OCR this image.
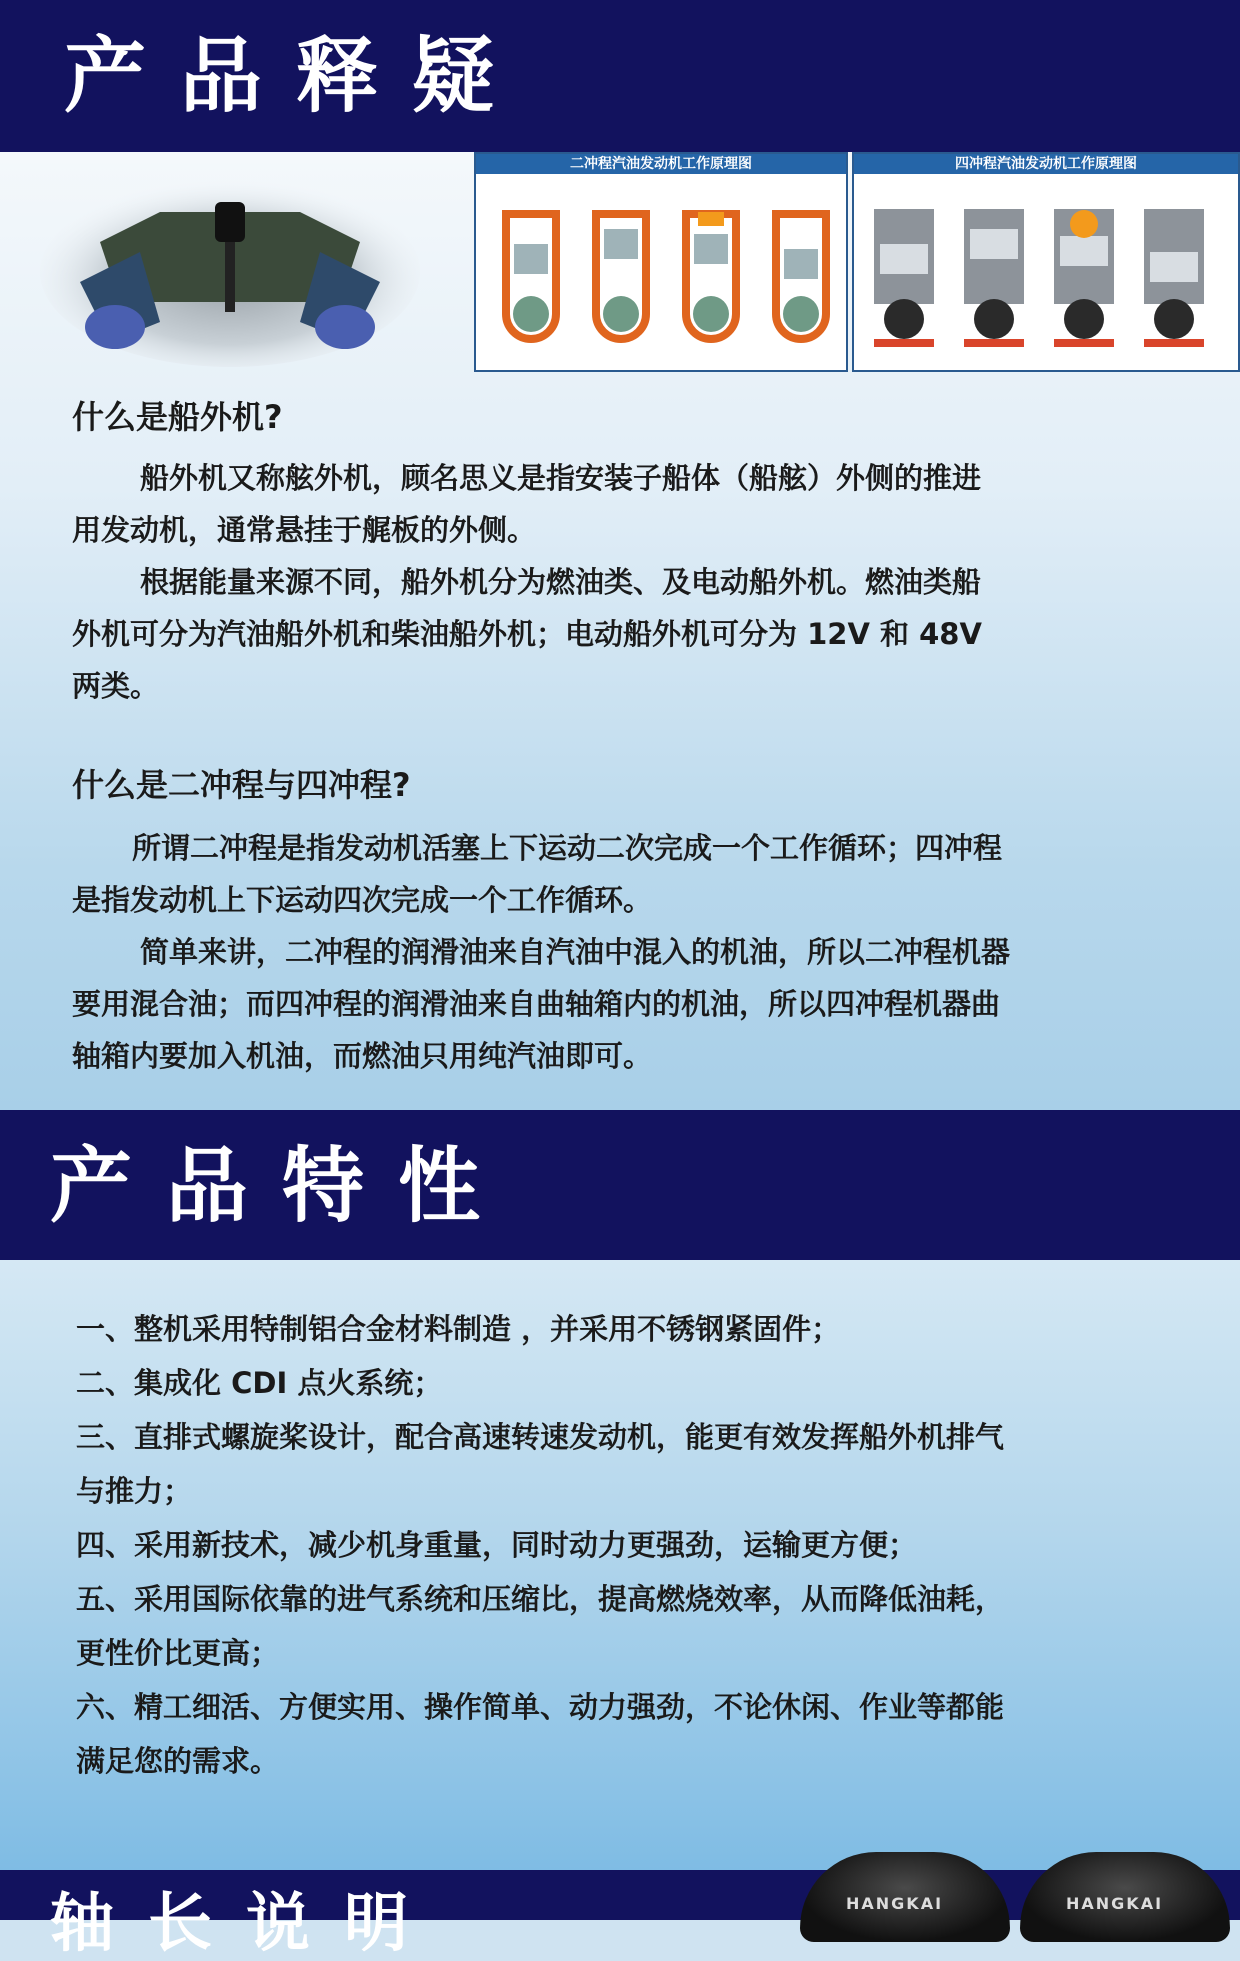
产品释疑
二冲程汽油发动机工作原理图	四冲程汽油发动机工作原理图
什么是船外机?
船外机又称舷外机，顾名思义是指安装子船体（船舷）外侧的推进
用发动机，通常悬挂于艉板的外侧。
根据能量来源不同，船外机分为燃油类、及电动船外机。燃油类船
外机可分为汽油船外机和柴油船外机；电动船外机可分为 12V 和 48V
两类。
什么是二冲程与四冲程?
所谓二冲程是指发动机活塞上下运动二次完成一个工作循环；四冲程
是指发动机上下运动四次完成一个工作循环。
简单来讲，二冲程的润滑油来自汽油中混入的机油，所以二冲程机器
要用混合油；而四冲程的润滑油来自曲轴箱内的机油，所以四冲程机器曲
轴箱内要加入机油，而燃油只用纯汽油即可。
产品特性
一、整机采用特制铝合金材料制造 ，并采用不锈钢紧固件；
二、集成化 CDI 点火系统；
三、直排式螺旋桨设计，配合高速转速发动机，能更有效发挥船外机排气
与推力；
四、采用新技术，减少机身重量，同时动力更强劲，运输更方便；
五、采用国际依靠的进气系统和压缩比，提高燃烧效率，从而降低油耗，
更性价比更高；
六、精工细活、方便实用、操作简单、动力强劲，不论休闲、作业等都能
满足您的需求。
轴长说明	HANGKAI	HANGKAI
